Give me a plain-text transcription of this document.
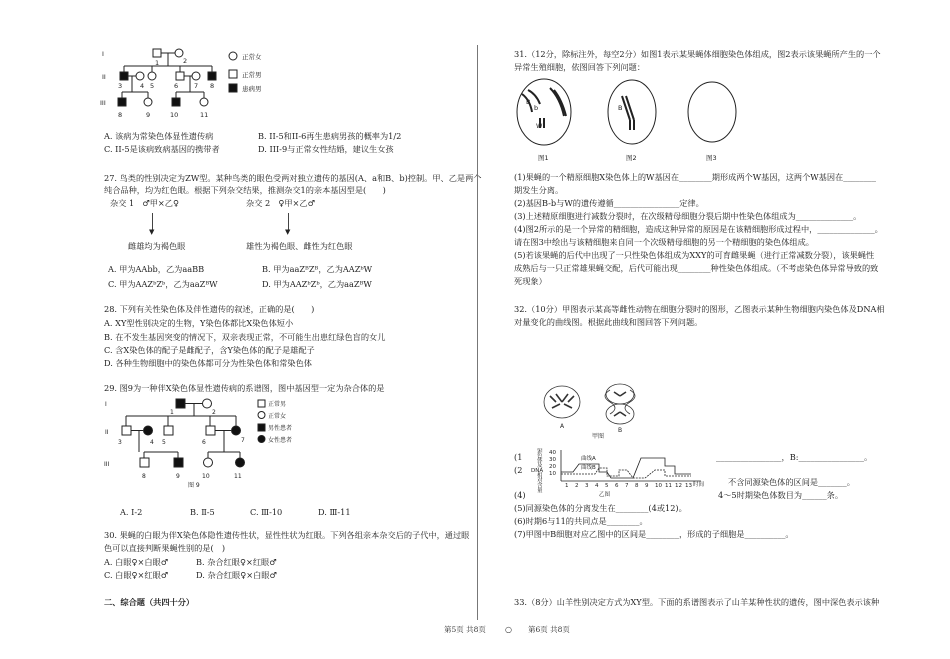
I
II
III
1	2
3	4 5	6 7 8
8	9	10	11
正常女
正常男
患病男
A. 该病为常染色体显性遗传病	B. II-5和II-6再生患病男孩的概率为1/2
C. II-5是该病致病基因的携带者	D. III-9与正常女性结婚，建议生女孩
27. 鸟类的性别决定为ZW型。某种鸟类的眼色受两对独立遗传的基因(A、a和B、b)控制。甲、乙是两个
纯合品种，均为红色眼。根据下列杂交结果，推测杂交1的亲本基因型是(　　)
杂交 1　♂甲×乙♀	杂交 2　♀甲×乙♂
▼	▼
雌雄均为褐色眼	雄性为褐色眼、雌性为红色眼
A. 甲为AAbb，乙为aaBB	B. 甲为aaZᴮZᴮ，乙为AAZᵇW
C. 甲为AAZᵇZᵇ，乙为aaZᴮW	D. 甲为AAZᵇZᵇ，乙为aaZᴮW
28. 下列有关性染色体及伴性遗传的叙述，正确的是(　　)
A. XY型性别决定的生物，Y染色体都比X染色体短小
B. 在不发生基因突变的情况下，双亲表现正常，不可能生出患红绿色盲的女儿
C. 含X染色体的配子是雌配子，含Y染色体的配子是雄配子
D. 各种生物细胞中的染色体都可分为性染色体和常染色体
29. 图9为一种伴X染色体显性遗传病的系谱图，图中基因型一定为杂合体的是
I
II
III
1	2
3	4 5	6	7
8	9	10	11
正常男
正常女
男性患者
女性患者
图 9
A. Ⅰ-2	B. Ⅱ-5	C. Ⅲ-10	D. Ⅲ-11
30. 果蝇的白眼为伴X染色体隐性遗传性状，显性性状为红眼。下列各组亲本杂交后的子代中，通过眼
色可以直接判断果蝇性别的是(　)
A. 白眼♀×白眼♂	B. 杂合红眼♀×红眼♂
C. 白眼♀×红眼♂	D. 杂合红眼♀×白眼♂
二、综合题（共四十分）
31.（12分，除标注外，每空2分）如图1表示某果蝇体细胞染色体组成，图2表示该果蝇所产生的一个
异常生殖细胞，依图回答下列问题：
B
b
W
B
图1	图2	图3
(1)果蝇的一个精原细胞X染色体上的W基因在________期形成两个W基因，这两个W基因在________
期发生分离。
(2)基因B-b与W的遗传遵循________________定律。
(3)上述精原细胞进行减数分裂时，在次级精母细胞分裂后期中性染色体组成为______________。
(4)图2所示的是一个异常的精细胞，造成这种异常的原因是在该精细胞形成过程中，______________。
请在图3中绘出与该精细胞来自同一个次级精母细胞的另一个精细胞的染色体组成。
(5)若该果蝇的后代中出现了一只性染色体组成为XXY的可育雌果蝇（进行正常减数分裂），该果蝇性
成熟后与一只正常雄果蝇交配，后代可能出现________种性染色体组成。（不考虑染色体异常导致的致
死现象）
32.（10分）甲图表示某高等雌性动物在细胞分裂时的图形，乙图表示某种生物细胞内染色体及DNA相
对量变化的曲线图。根据此曲线和图回答下列问题。
A
B
甲图
染
色
体
及
DNA
相
对
含
量
40
30
20
10
曲线A
曲线B
时间
乙图
1 2 3 4 5 6 7 8 9 10 11 12 13
(1	________________，B:________________。
(2
不含同源染色体的区间是_______。
(4)	4～5时期染色体数目为______条。
(5)同源染色体的分离发生在________(4或12)。
(6)时期6与11的共同点是________。
(7)甲图中B细胞对应乙图中的区间是________，形成的子细胞是__________。
33.（8分）山羊性别决定方式为XY型。下面的系谱图表示了山羊某种性状的遗传，图中深色表示该种
第5页 共8页 ○ 第6页 共8页
